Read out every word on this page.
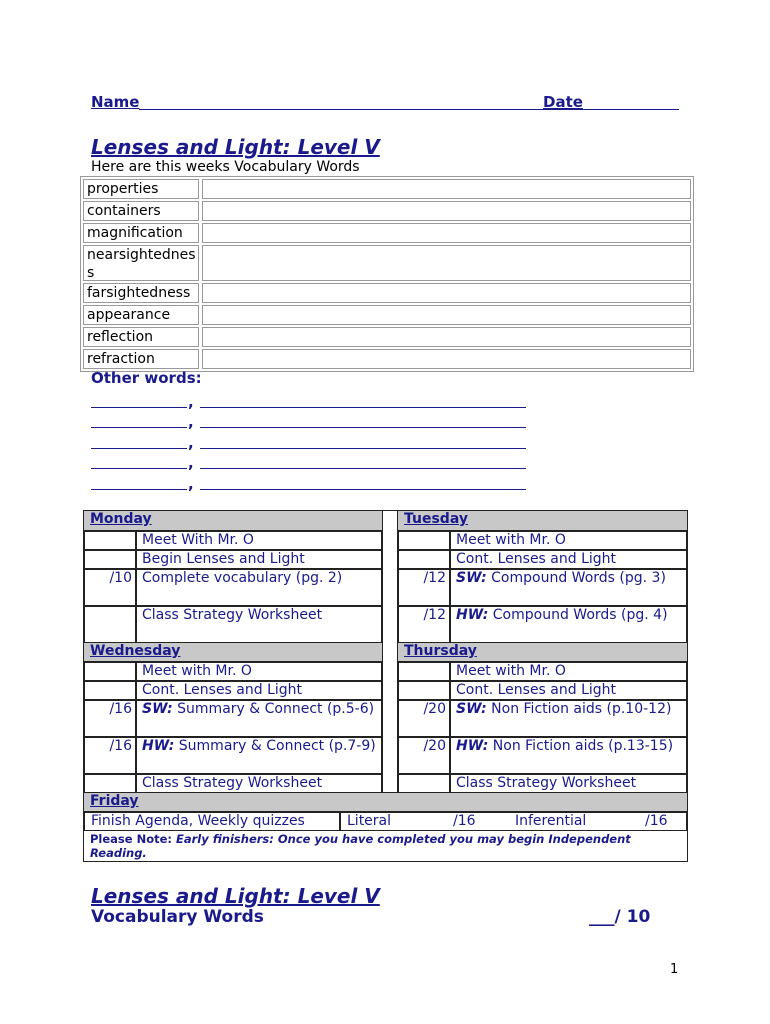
Name	Date
Lenses and Light: Level V
Here are this weeks Vocabulary Words
properties
containers
magnification
nearsightednes
s
farsightedness
appearance
reflection
refraction
Other words:
,
,
,
,
,
Monday
Meet With Mr. O
Begin Lenses and Light
/10 Complete vocabulary (pg. 2)
Class Strategy Worksheet
Tuesday
Meet with Mr. O
Cont. Lenses and Light
/12 SW: Compound Words (pg. 3)
/12 HW: Compound Words (pg. 4)
Wednesday
Meet with Mr. O
Cont. Lenses and Light
/16 SW: Summary & Connect (p.5-6)
/16 HW: Summary & Connect (p.7-9)
Class Strategy Worksheet
Thursday
Meet with Mr. O
Cont. Lenses and Light
/20 SW: Non Fiction aids (p.10-12)
/20 HW: Non Fiction aids (p.13-15)
Class Strategy Worksheet
Friday
Finish Agenda, Weekly quizzes	Literal	/16	Inferential	/16
Please Note: Early finishers: Once you have completed you may begin Independent Reading.
Lenses and Light: Level V
Vocabulary Words	___/ 10
1
